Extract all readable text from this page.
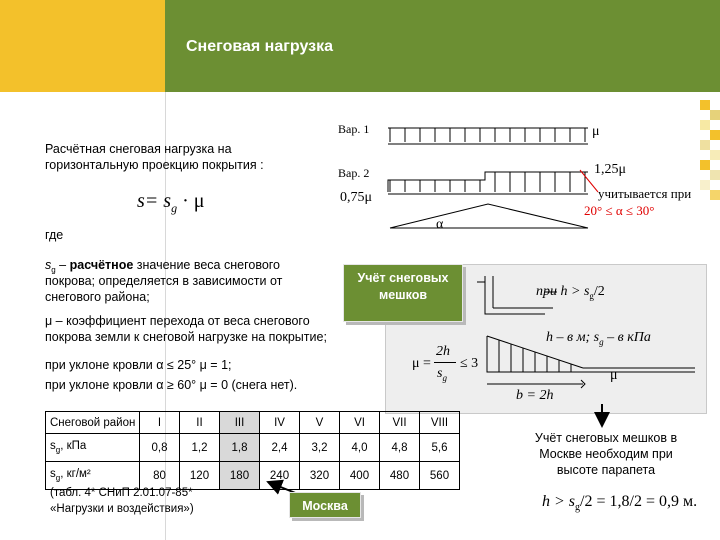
Снеговая нагрузка
Расчётная снеговая нагрузка на
горизонтальную проекцию покрытия :
$s= s_g \cdot \mu$
где
$s_g$ – расчётное значение веса снегового
покрова; определяется в зависимости от
снегового района;
Вар. 1
Вар. 2
μ
1,25μ
0,75μ	учитывается при
20° ≤ α ≤ 30°
α
Учёт снеговых мешков	при $h > s_g/2$
h – в м; $s_g$ – в кПа
μ =
2h
$s_g$
≤ 3
μ
b = 2h
μ – коэффициент перехода от веса снегового
покрова земли к снеговой нагрузке на покрытие;
при уклоне кровли α ≤ 25° μ = 1;
при уклоне кровли α ≥ 60° μ = 0 (снега нет).
Снеговой район	I	II	III	IV	V	VI	VII	VIII
$s_g$, кПа	0,8	1,2	1,8	2,4	3,2	4,0	4,8	5,6
$s_g$, кг/м²	80	120	180	240	320	400	480	560
(табл. 4* СНиП 2.01.07-85*
«Нагрузки и воздействия»)	Москва
Учёт снеговых мешков в
Москве необходим при
высоте парапета
$h > s_g/2 = 1,8/2 = 0,9$ м.
